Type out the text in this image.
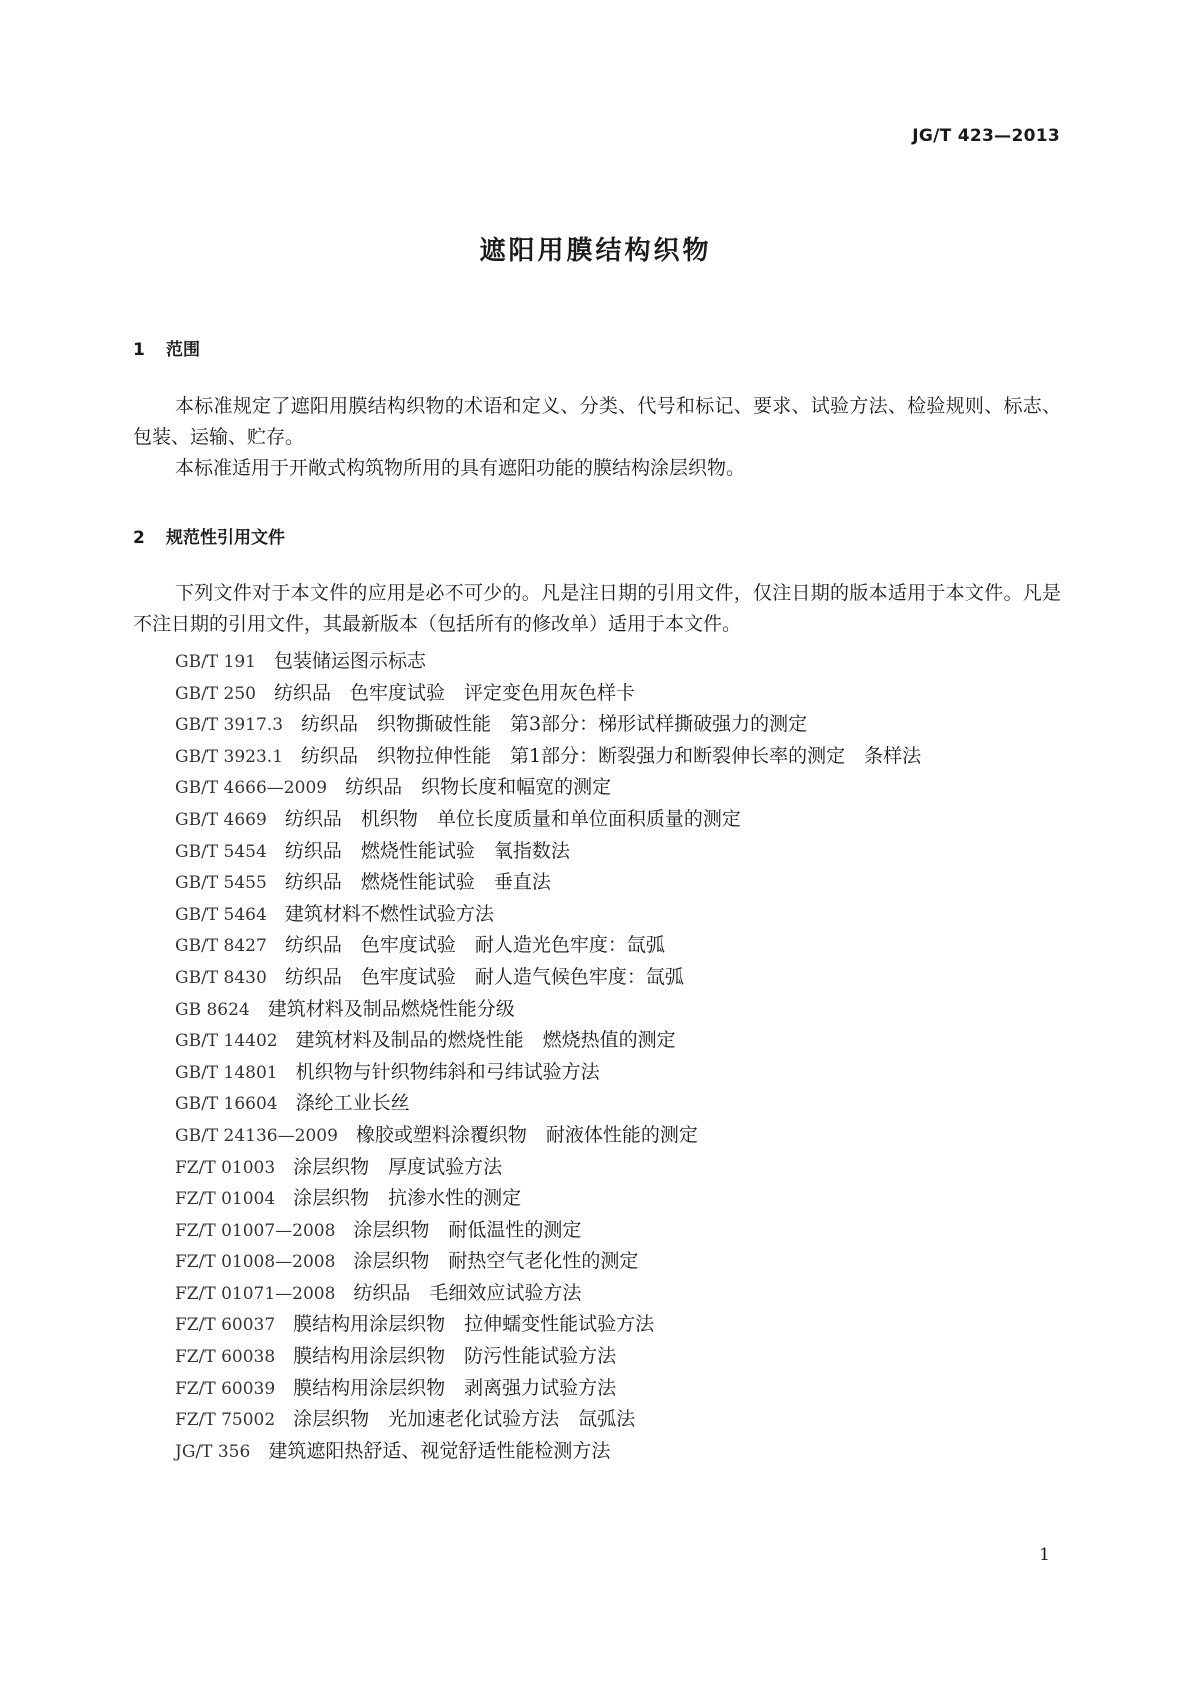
JG/T 423—2013
遮阳用膜结构织物
1 范围

本标准规定了遮阳用膜结构织物的术语和定义、分类、代号和标记、要求、试验方法、检验规则、标志、包装、运输、贮存。

本标准适用于开敞式构筑物所用的具有遮阳功能的膜结构涂层织物。

2 规范性引用文件

下列文件对于本文件的应用是必不可少的。凡是注日期的引用文件，仅注日期的版本适用于本文件。凡是不注日期的引用文件，其最新版本（包括所有的修改单）适用于本文件。

GB/T 191 包装储运图示标志
GB/T 250 纺织品　色牢度试验　评定变色用灰色样卡
GB/T 3917.3 纺织品　织物撕破性能　第3部分：梯形试样撕破强力的测定
GB/T 3923.1 纺织品　织物拉伸性能　第1部分：断裂强力和断裂伸长率的测定　条样法
GB/T 4666—2009 纺织品　织物长度和幅宽的测定
GB/T 4669 纺织品　机织物　单位长度质量和单位面积质量的测定
GB/T 5454 纺织品　燃烧性能试验　氧指数法
GB/T 5455 纺织品　燃烧性能试验　垂直法
GB/T 5464 建筑材料不燃性试验方法
GB/T 8427 纺织品　色牢度试验　耐人造光色牢度：氙弧
GB/T 8430 纺织品　色牢度试验　耐人造气候色牢度：氙弧
GB 8624 建筑材料及制品燃烧性能分级
GB/T 14402 建筑材料及制品的燃烧性能　燃烧热值的测定
GB/T 14801 机织物与针织物纬斜和弓纬试验方法
GB/T 16604 涤纶工业长丝
GB/T 24136—2009 橡胶或塑料涂覆织物　耐液体性能的测定
FZ/T 01003 涂层织物　厚度试验方法
FZ/T 01004 涂层织物　抗渗水性的测定
FZ/T 01007—2008 涂层织物　耐低温性的测定
FZ/T 01008—2008 涂层织物　耐热空气老化性的测定
FZ/T 01071—2008 纺织品　毛细效应试验方法
FZ/T 60037 膜结构用涂层织物　拉伸蠕变性能试验方法
FZ/T 60038 膜结构用涂层织物　防污性能试验方法
FZ/T 60039 膜结构用涂层织物　剥离强力试验方法
FZ/T 75002 涂层织物　光加速老化试验方法　氙弧法
JG/T 356 建筑遮阳热舒适、视觉舒适性能检测方法
1
